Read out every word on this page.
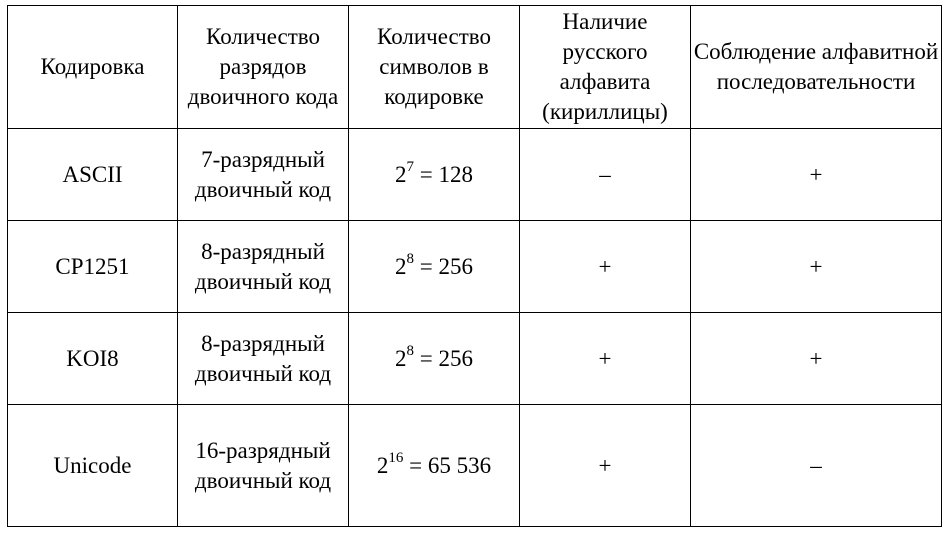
Кодировка	Количество разрядов двоичного кода	Количество символов в кодировке	Наличие русского алфавита (кириллицы)	Соблюдение алфавитной последовательности
ASCII	7-разрядный двоичный код	$2^7 = 128$	–	+
CP1251	8-разрядный двоичный код	$2^8 = 256$	+	+
KOI8	8-разрядный двоичный код	$2^8 = 256$	+	+
Unicode	16-разрядный двоичный код	$2^{16} = 65$ 536	+	–
